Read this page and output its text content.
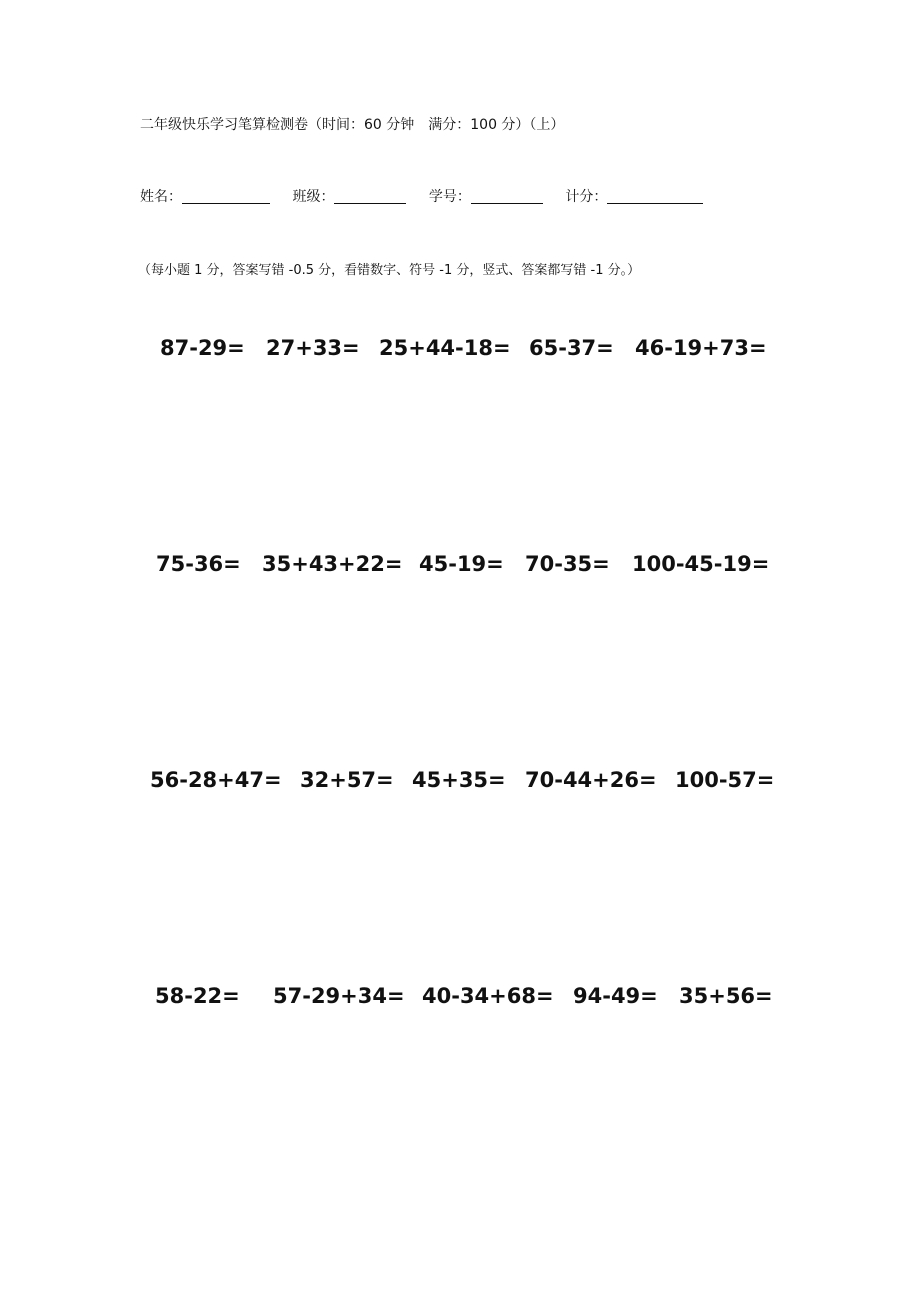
二年级快乐学习笔算检测卷（时间：60 分钟　满分：100 分）（上）
姓名：	班级：	学号：	计分：
（每小题 1 分，答案写错 -0.5 分，看错数字、符号 -1 分，竖式、答案都写错 -1 分。）
87-29= 27+33= 25+44-18= 65-37= 46-19+73=
75-36= 35+43+22= 45-19= 70-35= 100-45-19=
56-28+47= 32+57= 45+35= 70-44+26= 100-57=
58-22= 57-29+34= 40-34+68= 94-49= 35+56=
